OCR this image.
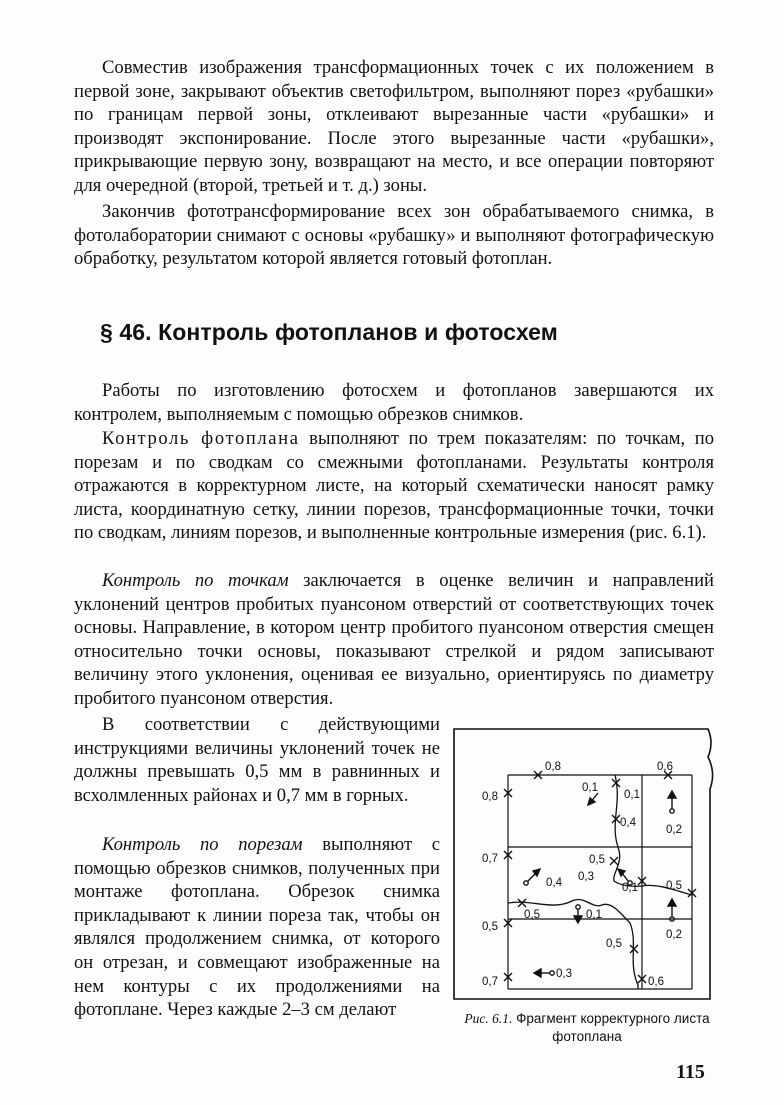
Совместив изображения трансформационных точек с их положением в первой зоне, закрывают объектив светофильтром, выполняют порез «рубашки» по границам первой зоны, отклеивают вырезанные части «рубашки» и производят экспонирование. После этого вырезанные части «рубашки», прикрывающие первую зону, возвращают на место, и все операции повторяют для очередной (второй, третьей и т. д.) зоны.

Закончив фототрансформирование всех зон обрабатываемого снимка, в фотолаборатории снимают с основы «рубашку» и выполняют фотографическую обработку, результатом которой является готовый фотоплан.

§ 46. Контроль фотопланов и фотосхем

Работы по изготовлению фотосхем и фотопланов завершаются их контролем, выполняемым с помощью обрезков снимков.

Контроль фотоплана выполняют по трем показателям: по точкам, по порезам и по сводкам со смежными фотопланами. Результаты контроля отражаются в корректурном листе, на который схематически наносят рамку листа, координатную сетку, линии порезов, трансформационные точки, точки по сводкам, линиям порезов, и выполненные контрольные измерения (рис. 6.1).

Контроль по точкам заключается в оценке величин и направлений уклонений центров пробитых пуансоном отверстий от соответствующих точек основы. Направление, в котором центр пробитого пуансоном отверстия смещен относительно точки основы, показывают стрелкой и рядом записывают величину этого уклонения, оценивая ее визуально, ориентируясь по диаметру пробитого пуансоном отверстия.

В соответствии с действующими инструкциями величины уклонений точек не должны превышать 0,5 мм в равнинных и всхолмленных районах и 0,7 мм в горных.

Контроль по порезам выполняют с помощью обрезков снимков, полученных при монтаже фотоплана. Обрезок снимка прикладывают к линии пореза так, чтобы он являлся продолжением снимка, от которого он отрезан, и совмещают изображенные на нем контуры с их продолжениями на фотоплане. Через каждые 2–3 см делают

0,8	0,6
0,8
0,1
0,1
0,2
0,4
0,7	0,5
0,4 0,3
0,1 0,5
0,5
0,5	0,1
0,5
0,2
0,7
0,3
0,6
Рис. 6.1. Фрагмент корректурного листа фотоплана
115
